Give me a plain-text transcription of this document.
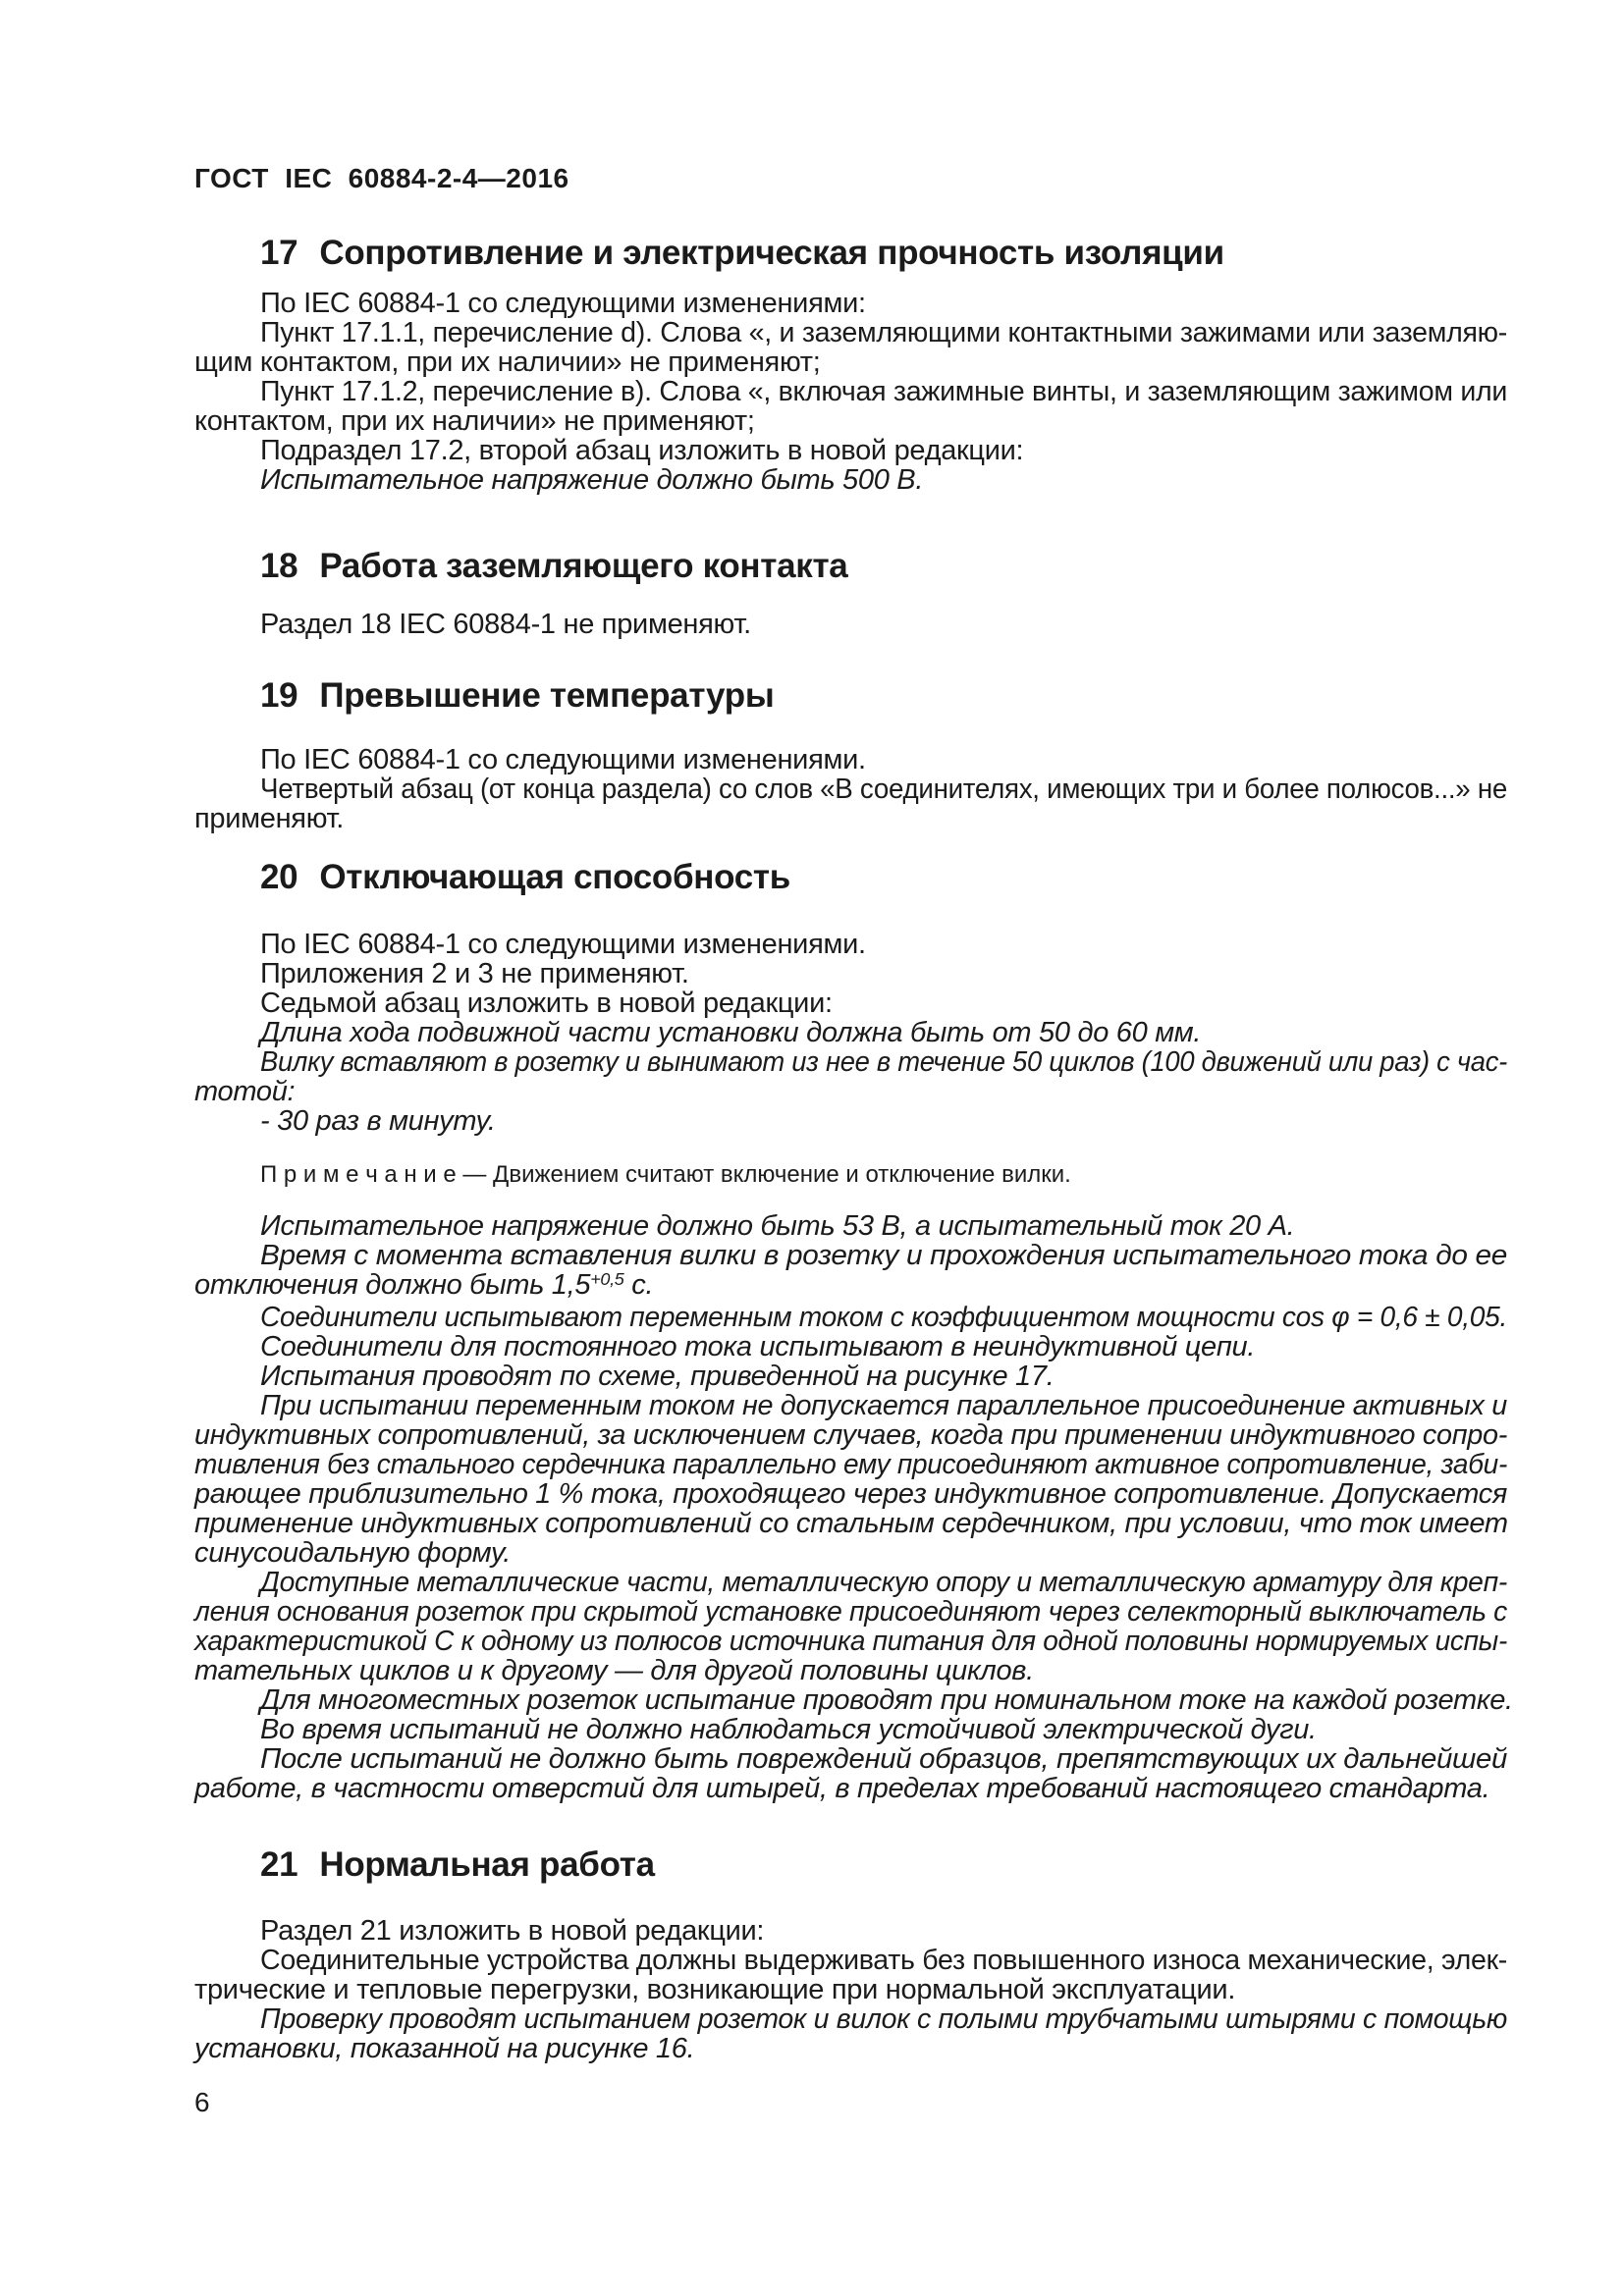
ГОСТ IEC 60884-2-4—2016
17 Сопротивление и электрическая прочность изоляции
По IEC 60884-1 со следующими изменениями:
Пункт 17.1.1, перечисление d). Слова «, и заземляющими контактными зажимами или заземляю-
щим контактом, при их наличии» не применяют;
Пункт 17.1.2, перечисление в). Слова «, включая зажимные винты, и заземляющим зажимом или
контактом, при их наличии» не применяют;
Подраздел 17.2, второй абзац изложить в новой редакции:
Испытательное напряжение должно быть 500 В.
18 Работа заземляющего контакта
Раздел 18 IEC 60884-1 не применяют.
19 Превышение температуры
По IEC 60884-1 со следующими изменениями.
Четвертый абзац (от конца раздела) со слов «В соединителях, имеющих три и более полюсов...» не
применяют.
20 Отключающая способность
По IEC 60884-1 со следующими изменениями.
Приложения 2 и 3 не применяют.
Седьмой абзац изложить в новой редакции:
Длина хода подвижной части установки должна быть от 50 до 60 мм.
Вилку вставляют в розетку и вынимают из нее в течение 50 циклов (100 движений или раз) с час-
тотой:
- 30 раз в минуту.
П р и м е ч а н и е — Движением считают включение и отключение вилки.
Испытательное напряжение должно быть 53 В, а испытательный ток 20 А.
Время с момента вставления вилки в розетку и прохождения испытательного тока до ее
отключения должно быть $1,5^{+0,5}$ с.
Соединители испытывают переменным током с коэффициентом мощности cos φ = 0,6 ± 0,05.
Соединители для постоянного тока испытывают в неиндуктивной цепи.
Испытания проводят по схеме, приведенной на рисунке 17.
При испытании переменным током не допускается параллельное присоединение активных и
индуктивных сопротивлений, за исключением случаев, когда при применении индуктивного сопро-
тивления без стального сердечника параллельно ему присоединяют активное сопротивление, заби-
рающее приблизительно 1 % тока, проходящего через индуктивное сопротивление. Допускается
применение индуктивных сопротивлений со стальным сердечником, при условии, что ток имеет
синусоидальную форму.
Доступные металлические части, металлическую опору и металлическую арматуру для креп-
ления основания розеток при скрытой установке присоединяют через селекторный выключатель с
характеристикой С к одному из полюсов источника питания для одной половины нормируемых испы-
тательных циклов и к другому — для другой половины циклов.
Для многоместных розеток испытание проводят при номинальном токе на каждой розетке.
Во время испытаний не должно наблюдаться устойчивой электрической дуги.
После испытаний не должно быть повреждений образцов, препятствующих их дальнейшей
работе, в частности отверстий для штырей, в пределах требований настоящего стандарта.
21 Нормальная работа
Раздел 21 изложить в новой редакции:
Соединительные устройства должны выдерживать без повышенного износа механические, элек-
трические и тепловые перегрузки, возникающие при нормальной эксплуатации.
Проверку проводят испытанием розеток и вилок с полыми трубчатыми штырями с помощью
установки, показанной на рисунке 16.
6
